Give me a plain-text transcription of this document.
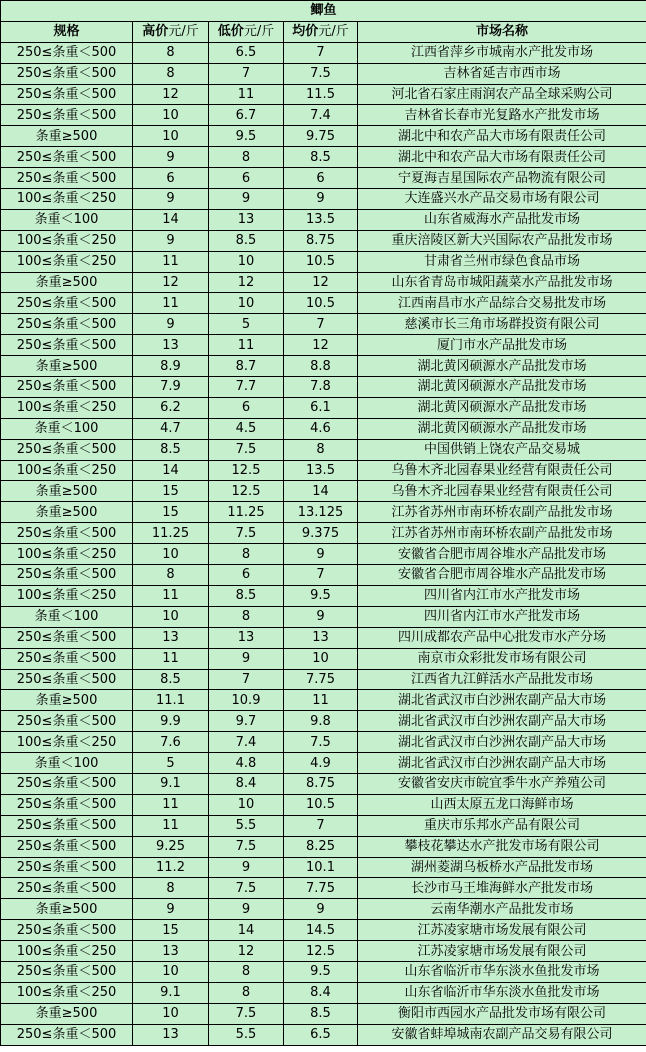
鲫鱼				
规格	高价元/斤	低价元/斤	均价元/斤	市场名称
250≤条重＜500	8	6.5	7	江西省萍乡市城南水产批发市场
250≤条重＜500	8	7	7.5	吉林省延吉市西市场
250≤条重＜500	12	11	11.5	河北省石家庄雨润农产品全球采购公司
250≤条重＜500	10	6.7	7.4	吉林省长春市光复路水产批发市场
条重≥500	10	9.5	9.75	湖北中和农产品大市场有限责任公司
250≤条重＜500	9	8	8.5	湖北中和农产品大市场有限责任公司
250≤条重＜500	6	6	6	宁夏海吉星国际农产品物流有限公司
100≤条重＜250	9	9	9	大连盛兴水产品交易市场有限公司
条重＜100	14	13	13.5	山东省威海水产品批发市场
100≤条重＜250	9	8.5	8.75	重庆涪陵区新大兴国际农产品批发市场
100≤条重＜250	11	10	10.5	甘肃省兰州市绿色食品市场
条重≥500	12	12	12	山东省青岛市城阳蔬菜水产品批发市场
250≤条重＜500	11	10	10.5	江西南昌市水产品综合交易批发市场
250≤条重＜500	9	5	7	慈溪市长三角市场群投资有限公司
250≤条重＜500	13	11	12	厦门市水产品批发市场
条重≥500	8.9	8.7	8.8	湖北黄冈硕源水产品批发市场
250≤条重＜500	7.9	7.7	7.8	湖北黄冈硕源水产品批发市场
100≤条重＜250	6.2	6	6.1	湖北黄冈硕源水产品批发市场
条重＜100	4.7	4.5	4.6	湖北黄冈硕源水产品批发市场
250≤条重＜500	8.5	7.5	8	中国供销上饶农产品交易城
100≤条重＜250	14	12.5	13.5	乌鲁木齐北园春果业经营有限责任公司
条重≥500	15	12.5	14	乌鲁木齐北园春果业经营有限责任公司
条重≥500	15	11.25	13.125	江苏省苏州市南环桥农副产品批发市场
250≤条重＜500	11.25	7.5	9.375	江苏省苏州市南环桥农副产品批发市场
100≤条重＜250	10	8	9	安徽省合肥市周谷堆水产品批发市场
250≤条重＜500	8	6	7	安徽省合肥市周谷堆水产品批发市场
100≤条重＜250	11	8.5	9.5	四川省内江市水产批发市场
条重＜100	10	8	9	四川省内江市水产批发市场
250≤条重＜500	13	13	13	四川成都农产品中心批发市水产分场
250≤条重＜500	11	9	10	南京市众彩批发市场有限公司
250≤条重＜500	8.5	7	7.75	江西省九江鲜活水产品批发市场
条重≥500	11.1	10.9	11	湖北省武汉市白沙洲农副产品大市场
250≤条重＜500	9.9	9.7	9.8	湖北省武汉市白沙洲农副产品大市场
100≤条重＜250	7.6	7.4	7.5	湖北省武汉市白沙洲农副产品大市场
条重＜100	5	4.8	4.9	湖北省武汉市白沙洲农副产品大市场
250≤条重＜500	9.1	8.4	8.75	安徽省安庆市皖宜季牛水产养殖公司
250≤条重＜500	11	10	10.5	山西太原五龙口海鲜市场
250≤条重＜500	11	5.5	7	重庆市乐邦水产品有限公司
250≤条重＜500	9.25	7.5	8.25	攀枝花攀达水产批发市场有限公司
250≤条重＜500	11.2	9	10.1	湖州菱湖乌板桥水产品批发市场
250≤条重＜500	8	7.5	7.75	长沙市马王堆海鲜水产批发市场
条重≥500	9	9	9	云南华潮水产品批发市场
250≤条重＜500	15	14	14.5	江苏凌家塘市场发展有限公司
100≤条重＜250	13	12	12.5	江苏凌家塘市场发展有限公司
250≤条重＜500	10	8	9.5	山东省临沂市华东淡水鱼批发市场
100≤条重＜250	9.1	8	8.4	山东省临沂市华东淡水鱼批发市场
条重≥500	10	7.5	8.5	衡阳市西园水产品批发市场有限公司
250≤条重＜500	13	5.5	6.5	安徽省蚌埠城南农副产品交易有限公司
